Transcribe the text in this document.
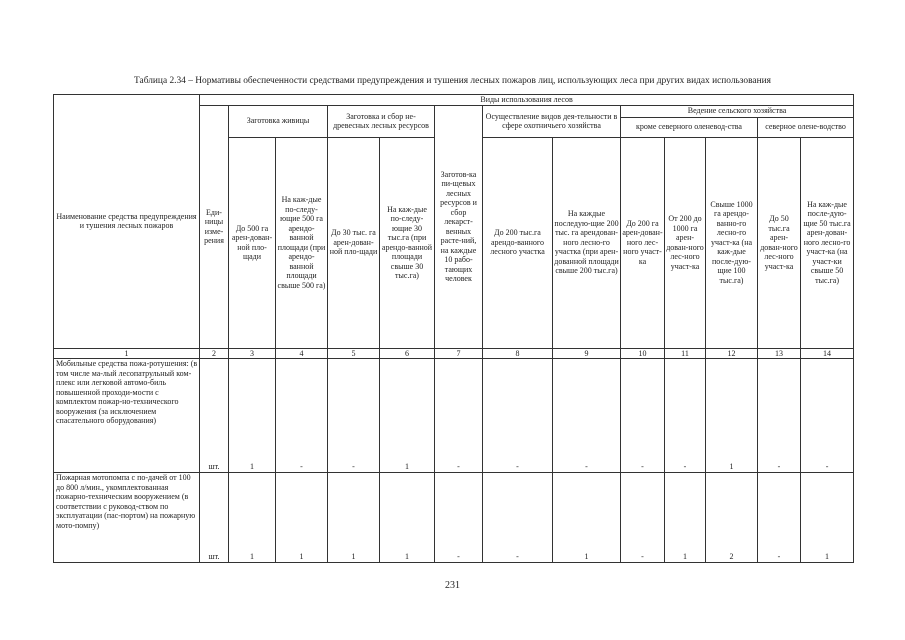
Таблица 2.34 – Нормативы обеспеченности средствами предупреждения и тушения лесных пожаров лиц, использующих леса при других видах использования
Наименование средства предупреждения и тушения лесных пожаров	Виды использования лесов												
	Еди-ницы изме-рения	Заготовка живицы		Заготовка и сбор не-древесных лесных ресурсов		Заготов-ка пи-щевых лесных ресурсов и сбор лекарст-венных расте-ний, на каждые 10 рабо-тающих человек	Осуществление видов дея-тельности в сфере охотничьего хозяйства		Ведение сельского хозяйства				
									кроме северного оленевод-ства			северное олене-водство	
		До 500 га арен-дован-ной пло-щади	На каж-дые по-следу-ющие 500 га арендо-ванной площади (при арендо-ванной площади свыше 500 га)	До 30 тыс. га арен-дован-ной пло-щади	На каж-дые по-следу-ющие 30 тыс.га (при арендо-ванной площади свыше 30 тыс.га)		До 200 тыс.га арендо-ванного лесного участка	На каждые последую-щие 200 тыс. га арендован-ного лесно-го участка (при арен-дованной площади свыше 200 тыс.га)	До 200 га арен-дован-ного лес-ного участ-ка	От 200 до 1000 га арен-дован-ного лес-ного участ-ка	Свыше 1000 га арендо-ванно-го лесно-го участ-ка (на каж-дые после-дую-щие 100 тыс.га)	До 50 тыс.га арен-дован-ного лес-ного участ-ка	На каж-дые после-дую-щие 50 тыс.га арен-дован-ного лесно-го участ-ка (на участ-ки свыше 50 тыс.га)
1	2	3	4	5	6	7	8	9	10	11	12	13	14
Мобильные средства пожа-ротушения: (в том числе ма-лый лесопатрульный ком-плекс или легковой автомо-биль повышенной проходи-мости с комплектом пожар-но-технического вооружения (за исключением спасательного оборудования)	шт.	1	-	-	1	-	-	-	-	-	1	-	-
Пожарная мотопомпа с по-дачей от 100 до 800 л/мин., укомплектованная пожарно-техническим вооружением (в соответствии с руковод-ством по эксплуатации (пас-портом) на пожарную мото-помпу)	шт.	1	1	1	1	-	-	1	-	1	2	-	1
231
